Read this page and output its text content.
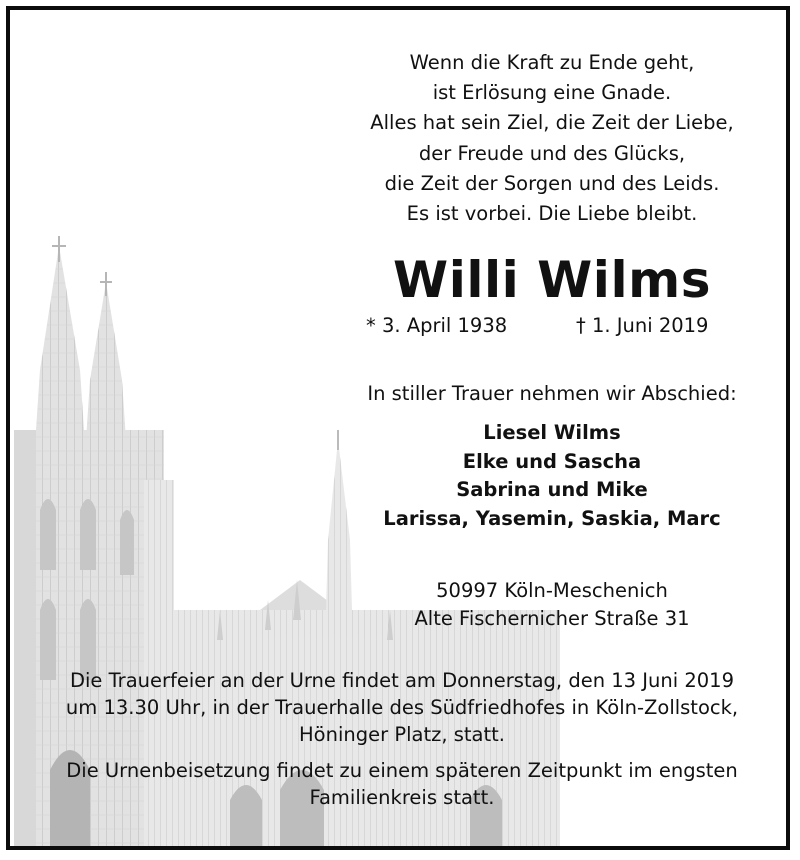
Wenn die Kraft zu Ende geht,
ist Erlösung eine Gnade.
Alles hat sein Ziel, die Zeit der Liebe,
der Freude und des Glücks,
die Zeit der Sorgen und des Leids.
Es ist vorbei. Die Liebe bleibt.
Willi Wilms
* 3. April 1938	† 1. Juni 2019
In stiller Trauer nehmen wir Abschied:
Liesel Wilms
Elke und Sascha
Sabrina und Mike
Larissa, Yasemin, Saskia, Marc
50997 Köln-Meschenich
Alte Fischernicher Straße 31
Die Trauerfeier an der Urne findet am Donnerstag, den 13 Juni 2019
um 13.30 Uhr, in der Trauerhalle des Südfriedhofes in Köln-Zollstock,
Höninger Platz, statt.
Die Urnenbeisetzung findet zu einem späteren Zeitpunkt im engsten
Familienkreis statt.
